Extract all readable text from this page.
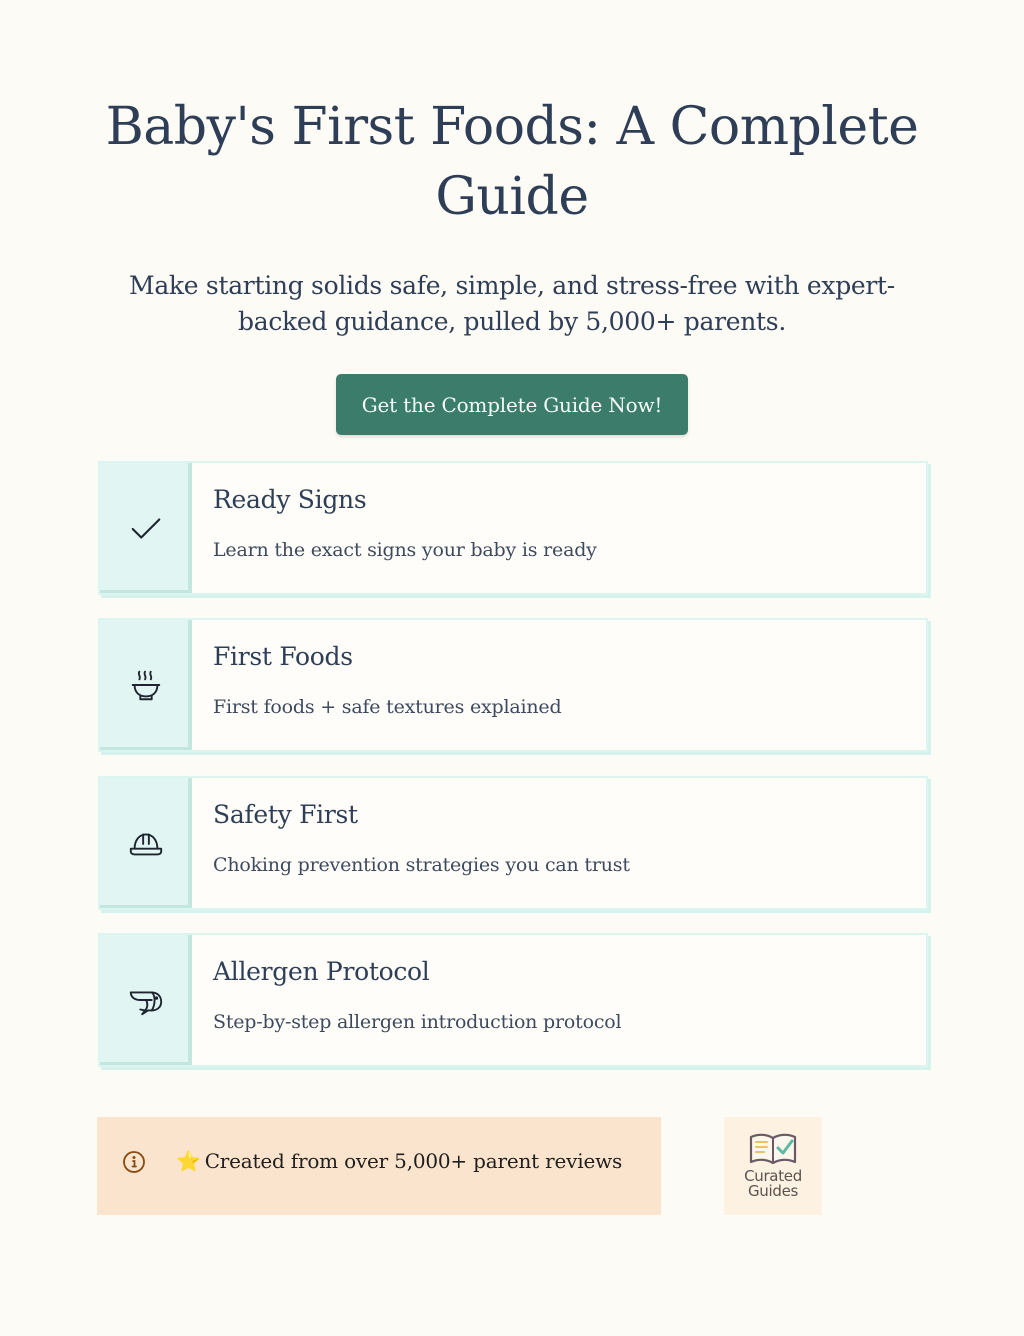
Baby's First Foods: A Complete Guide

Make starting solids safe, simple, and stress-free with expert-backed guidance, pulled by 5,000+ parents.

Get the Complete Guide Now!
Ready Signs
Learn the exact signs your baby is ready
First Foods
First foods + safe textures explained
Safety First
Choking prevention strategies you can trust
Allergen Protocol
Step-by-step allergen introduction protocol
⭐ Created from over 5,000+ parent reviews
Curated
Guides
